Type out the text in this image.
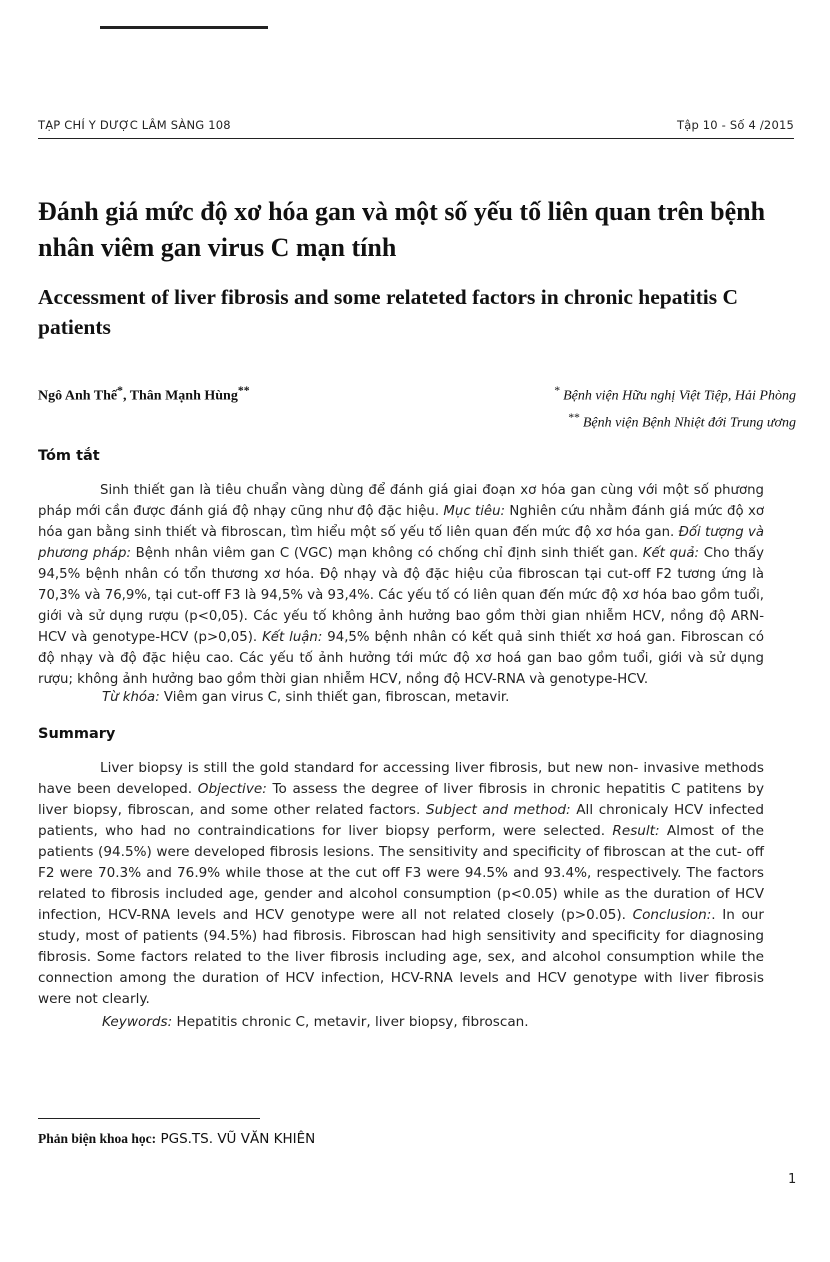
TẠP CHÍ Y DƯỢC LÂM SÀNG 108	Tập 10 - Số 4 /2015
Đánh giá mức độ xơ hóa gan và một số yếu tố liên quan trên bệnh nhân viêm gan virus C mạn tính
Accessment of liver fibrosis and some relateted factors in chronic hepatitis C patients
Ngô Anh Thế*, Thân Mạnh Hùng**	* Bệnh viện Hữu nghị Việt Tiệp, Hải Phòng
** Bệnh viện Bệnh Nhiệt đới Trung ương
Tóm tắt
Sinh thiết gan là tiêu chuẩn vàng dùng để đánh giá giai đoạn xơ hóa gan cùng với một số phương pháp mới cần được đánh giá độ nhạy cũng như độ đặc hiệu. Mục tiêu: Nghiên cứu nhằm đánh giá mức độ xơ hóa gan bằng sinh thiết và fibroscan, tìm hiểu một số yếu tố liên quan đến mức độ xơ hóa gan. Đối tượng và phương pháp: Bệnh nhân viêm gan C (VGC) mạn không có chống chỉ định sinh thiết gan. Kết quả: Cho thấy 94,5% bệnh nhân có tổn thương xơ hóa. Độ nhạy và độ đặc hiệu của fibroscan tại cut-off F2 tương ứng là 70,3% và 76,9%, tại cut-off F3 là 94,5% và 93,4%. Các yếu tố có liên quan đến mức độ xơ hóa bao gồm tuổi, giới và sử dụng rượu (p<0,05). Các yếu tố không ảnh hưởng bao gồm thời gian nhiễm HCV, nồng độ ARN-HCV và genotype-HCV (p>0,05). Kết luận: 94,5% bệnh nhân có kết quả sinh thiết xơ hoá gan. Fibroscan có độ nhạy và độ đặc hiệu cao. Các yếu tố ảnh hưởng tới mức độ xơ hoá gan bao gồm tuổi, giới và sử dụng rượu; không ảnh hưởng bao gồm thời gian nhiễm HCV, nồng độ HCV-RNA và genotype-HCV.
Từ khóa: Viêm gan virus C, sinh thiết gan, fibroscan, metavir.
Summary
Liver biopsy is still the gold standard for accessing liver fibrosis, but new non- invasive methods have been developed. Objective: To assess the degree of liver fibrosis in chronic hepatitis C patitens by liver biopsy, fibroscan, and some other related factors. Subject and method: All chronicaly HCV infected patients, who had no contraindications for liver biopsy perform, were selected. Result: Almost of the patients (94.5%) were developed fibrosis lesions. The sensitivity and specificity of fibroscan at the cut- off F2 were 70.3% and 76.9% while those at the cut off F3 were 94.5% and 93.4%, respectively. The factors related to fibrosis included age, gender and alcohol consumption (p<0.05) while as the duration of HCV infection, HCV-RNA levels and HCV genotype were all not related closely (p>0.05). Conclusion:. In our study, most of patients (94.5%) had fibrosis. Fibroscan had high sensitivity and specificity for diagnosing fibrosis. Some factors related to the liver fibrosis including age, sex, and alcohol consumption while the connection among the duration of HCV infection, HCV-RNA levels and HCV genotype with liver fibrosis were not clearly.
Keywords: Hepatitis chronic C, metavir, liver biopsy, fibroscan.
Phản biện khoa học: PGS.TS. VŨ VĂN KHIÊN
1
